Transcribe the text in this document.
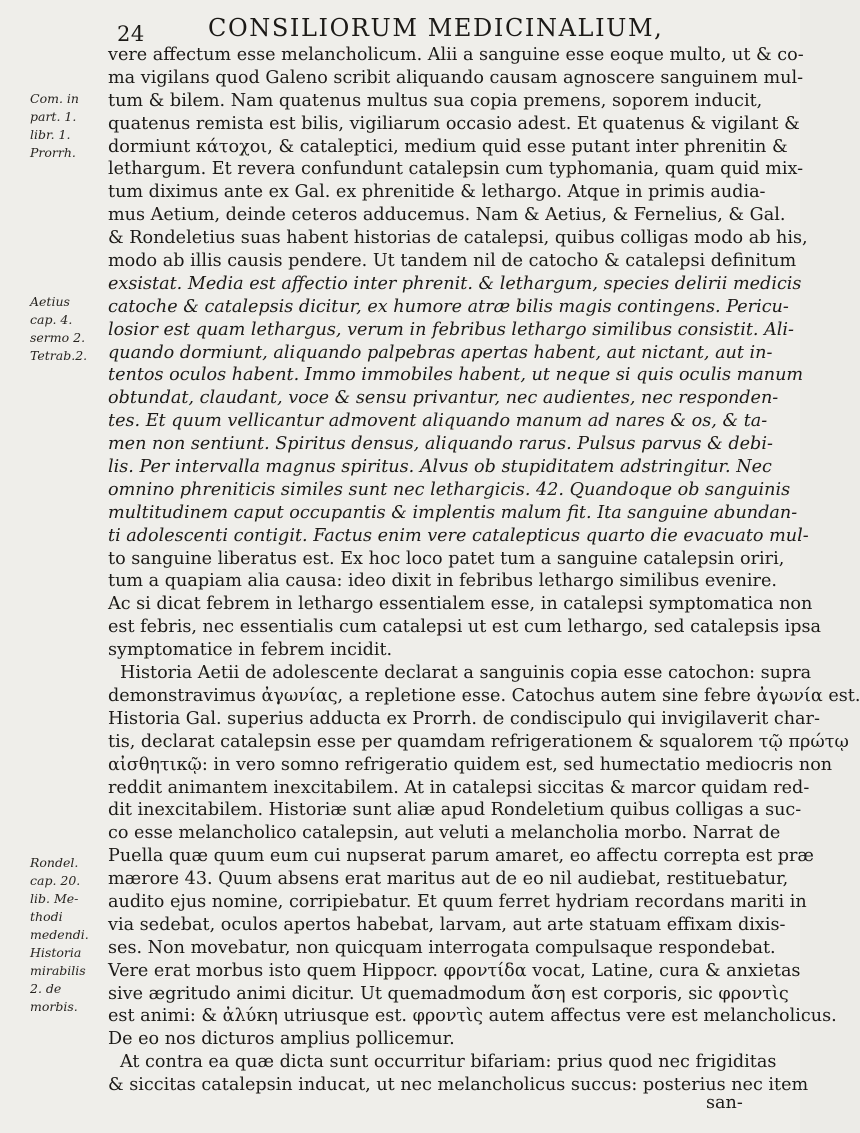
24	CONSILIORUM MEDICINALIUM,
Com. in
part. 1.
libr. 1.
Prorrh.
Aetius
cap. 4.
sermo 2.
Tetrab.2.
Rondel.
cap. 20.
lib. Me-
thodi
medendi.
Historia
mirabilis
2. de
morbis.
vere affectum esse melancholicum. Alii a sanguine esse eoque multo, ut & co-
ma vigilans quod Galeno scribit aliquando causam agnoscere sanguinem mul-
tum & bilem. Nam quatenus multus sua copia premens, soporem inducit,
quatenus remista est bilis, vigiliarum occasio adest. Et quatenus & vigilant &
dormiunt κάτοχοι, & cataleptici, medium quid esse putant inter phrenitin &
lethargum. Et revera confundunt catalepsin cum typhomania, quam quid mix-
tum diximus ante ex Gal. ex phrenitide & lethargo. Atque in primis audia-
mus Aetium, deinde ceteros adducemus. Nam & Aetius, & Fernelius, & Gal.
& Rondeletius suas habent historias de catalepsi, quibus colligas modo ab his,
modo ab illis causis pendere. Ut tandem nil de catocho & catalepsi definitum
exsistat. Media est affectio inter phrenit. & lethargum, species delirii medicis
catoche & catalepsis dicitur, ex humore atræ bilis magis contingens. Pericu-
losior est quam lethargus, verum in febribus lethargo similibus consistit. Ali-
quando dormiunt, aliquando palpebras apertas habent, aut nictant, aut in-
tentos oculos habent. Immo immobiles habent, ut neque si quis oculis manum
obtundat, claudant, voce & sensu privantur, nec audientes, nec responden-
tes. Et quum vellicantur admovent aliquando manum ad nares & os, & ta-
men non sentiunt. Spiritus densus, aliquando rarus. Pulsus parvus & debi-
lis. Per intervalla magnus spiritus. Alvus ob stupiditatem adstringitur. Nec
omnino phreniticis similes sunt nec lethargicis. 42. Quandoque ob sanguinis
multitudinem caput occupantis & implentis malum fit. Ita sanguine abundan-
ti adolescenti contigit. Factus enim vere catalepticus quarto die evacuato mul-
to sanguine liberatus est. Ex hoc loco patet tum a sanguine catalepsin oriri,
tum a quapiam alia causa: ideo dixit in febribus lethargo similibus evenire.
Ac si dicat febrem in lethargo essentialem esse, in catalepsi symptomatica non
est febris, nec essentialis cum catalepsi ut est cum lethargo, sed catalepsis ipsa
symptomatice in febrem incidit.
Historia Aetii de adolescente declarat a sanguinis copia esse catochon: supra
demonstravimus ἀγωνίας, a repletione esse. Catochus autem sine febre ἀγωνία est.
Historia Gal. superius adducta ex Prorrh. de condiscipulo qui invigilaverit char-
tis, declarat catalepsin esse per quamdam refrigerationem & squalorem τῷ πρώτῳ
αἰσθητικῷ: in vero somno refrigeratio quidem est, sed humectatio mediocris non
reddit animantem inexcitabilem. At in catalepsi siccitas & marcor quidam red-
dit inexcitabilem. Historiæ sunt aliæ apud Rondeletium quibus colligas a suc-
co esse melancholico catalepsin, aut veluti a melancholia morbo. Narrat de
Puella quæ quum eum cui nupserat parum amaret, eo affectu correpta est præ
mærore 43. Quum absens erat maritus aut de eo nil audiebat, restituebatur,
audito ejus nomine, corripiebatur. Et quum ferret hydriam recordans mariti in
via sedebat, oculos apertos habebat, larvam, aut arte statuam effixam dixis-
ses. Non movebatur, non quicquam interrogata compulsaque respondebat.
Vere erat morbus isto quem Hippocr. φροντίδα vocat, Latine, cura & anxietas
sive ægritudo animi dicitur. Ut quemadmodum ἄση est corporis, sic φροντὶς
est animi: & ἀλύκη utriusque est. φροντὶς autem affectus vere est melancholicus.
De eo nos dicturos amplius pollicemur.
At contra ea quæ dicta sunt occurritur bifariam: prius quod nec frigiditas
& siccitas catalepsin inducat, ut nec melancholicus succus: posterius nec item
san-
